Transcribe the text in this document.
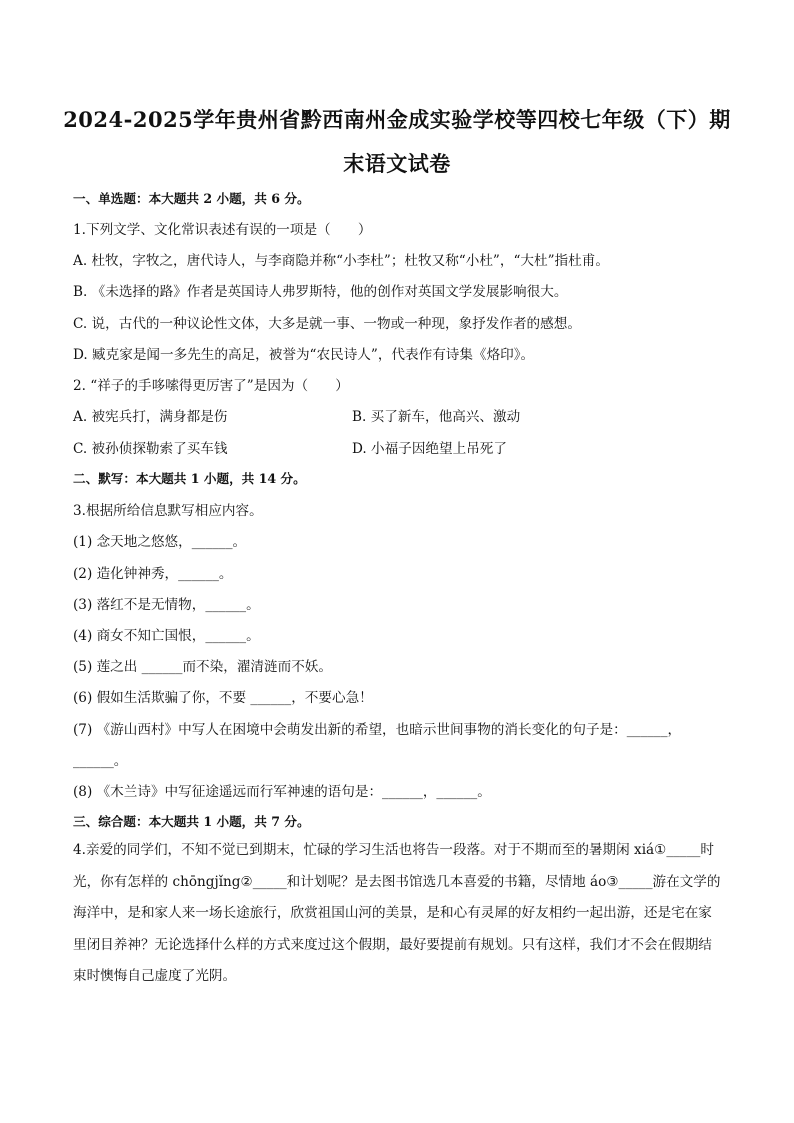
2024-2025学年贵州省黔西南州金成实验学校等四校七年级（下）期
末语文试卷
一、单选题：本大题共 2 小题，共 6 分。
1.下列文学、文化常识表述有误的一项是（　　）
A. 杜牧，字牧之，唐代诗人，与李商隐并称“小李杜”；杜牧又称“小杜”，“大杜”指杜甫。
B. 《未选择的路》作者是英国诗人弗罗斯特，他的创作对英国文学发展影响很大。
C. 说，古代的一种议论性文体，大多是就一事、一物或一种现，象抒发作者的感想。
D. 臧克家是闻一多先生的高足，被誉为“农民诗人”，代表作有诗集《烙印》。
2. “祥子的手哆嗦得更厉害了”是因为（　　）
A. 被宪兵打，满身都是伤	B. 买了新车，他高兴、激动
C. 被孙侦探勒索了买车钱	D. 小福子因绝望上吊死了
二、默写：本大题共 1 小题，共 14 分。
3.根据所给信息默写相应内容。
(1) 念天地之悠悠，______。
(2) 造化钟神秀，______。
(3) 落红不是无情物，______。
(4) 商女不知亡国恨，______。
(5) 莲之出 ______而不染，濯清涟而不妖。
(6) 假如生活欺骗了你，不要 ______，不要心急！
(7) 《游山西村》中写人在困境中会萌发出新的希望，也暗示世间事物的消长变化的句子是：______，
______。
(8) 《木兰诗》中写征途遥远而行军神速的语句是：______，______。
三、综合题：本大题共 1 小题，共 7 分。
4.亲爱的同学们，不知不觉已到期末，忙碌的学习生活也将告一段落。对于不期而至的暑期闲 xiá①_____时光，你有怎样的 chōngjǐng②_____和计划呢？是去图书馆选几本喜爱的书籍，尽情地 áo③_____游在文学的海洋中，是和家人来一场长途旅行，欣赏祖国山河的美景，是和心有灵犀的好友相约一起出游，还是宅在家里闭目养神？无论选择什么样的方式来度过这个假期，最好要提前有规划。只有这样，我们才不会在假期结束时懊悔自己虚度了光阴。
